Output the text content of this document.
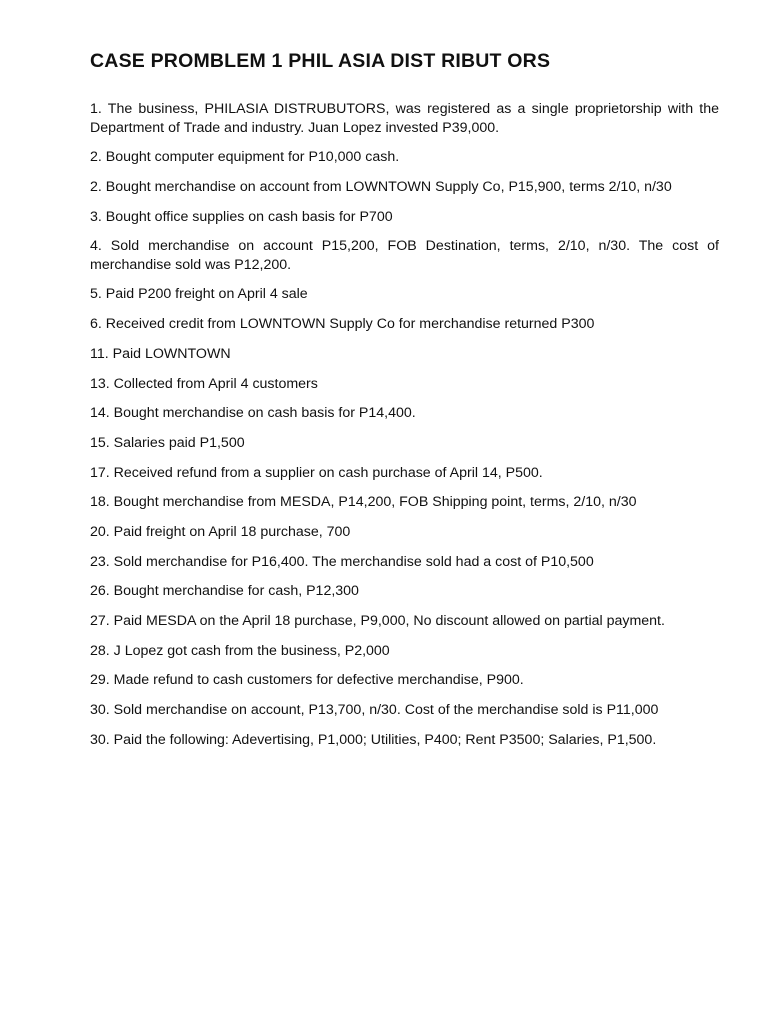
CASE PROMBLEM 1 PHIL ASIA DIST RIBUT ORS
1. The business, PHILASIA DISTRUBUTORS, was registered as a single proprietorship with the Department of Trade and industry. Juan Lopez invested P39,000.
2. Bought computer equipment for P10,000 cash.
2. Bought merchandise on account from LOWNTOWN Supply Co, P15,900, terms 2/10, n/30
3. Bought office supplies on cash basis for P700
4. Sold merchandise on account P15,200, FOB Destination, terms, 2/10, n/30. The cost of merchandise sold was P12,200.
5. Paid P200 freight on April 4 sale
6. Received credit from LOWNTOWN Supply Co for merchandise returned P300
11. Paid LOWNTOWN
13. Collected from April 4 customers
14. Bought merchandise on cash basis for P14,400.
15. Salaries paid P1,500
17. Received refund from a supplier on cash purchase of April 14, P500.
18. Bought merchandise from MESDA, P14,200, FOB Shipping point, terms, 2/10, n/30
20. Paid freight on April 18 purchase, 700
23. Sold merchandise for P16,400. The merchandise sold had a cost of P10,500
26. Bought merchandise for cash, P12,300
27. Paid MESDA on the April 18 purchase, P9,000, No discount allowed on partial payment.
28. J Lopez got cash from the business, P2,000
29. Made refund to cash customers for defective merchandise, P900.
30. Sold merchandise on account, P13,700, n/30. Cost of the merchandise sold is P11,000
30. Paid the following: Adevertising, P1,000; Utilities, P400; Rent P3500; Salaries, P1,500.
